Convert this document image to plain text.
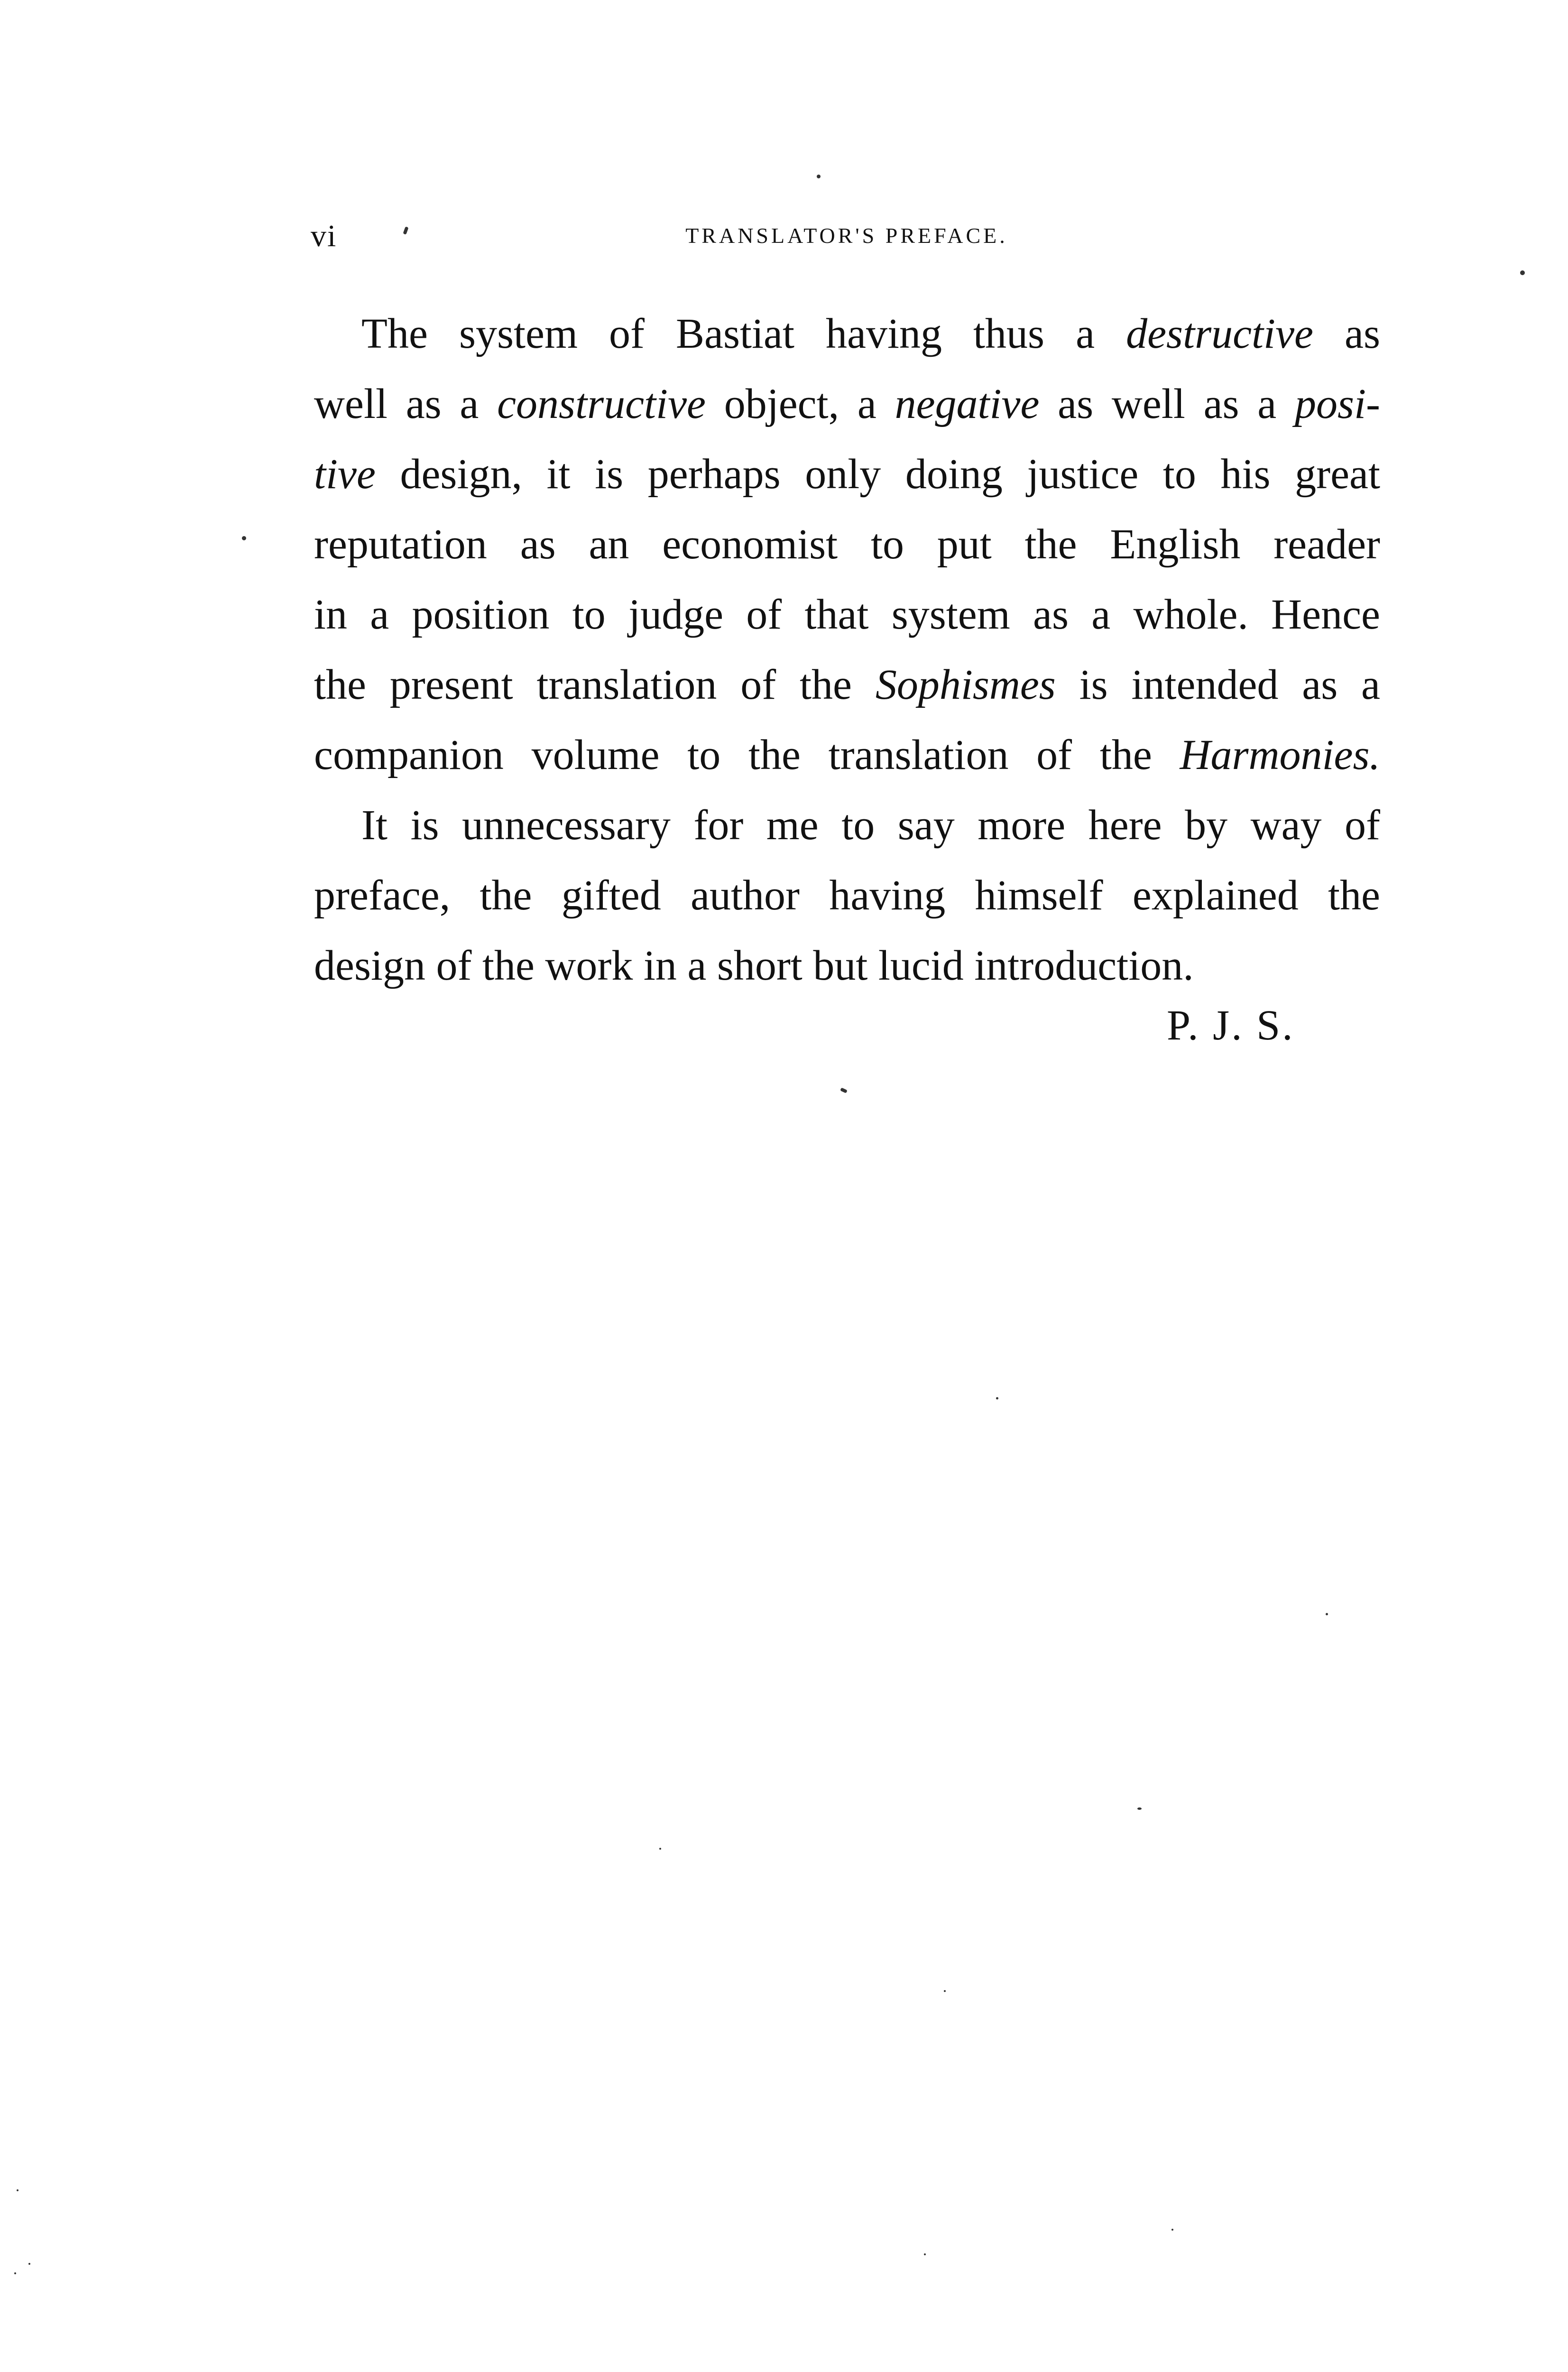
vi	TRANSLATOR'S PREFACE.
The system of Bastiat having thus a destructive as
well as a constructive object, a negative as well as a posi-
tive design, it is perhaps only doing justice to his great
reputation as an economist to put the English reader
in a position to judge of that system as a whole. Hence
the present translation of the Sophismes is intended as a
companion volume to the translation of the Harmonies.
It is unnecessary for me to say more here by way of
preface, the gifted author having himself explained the
design of the work in a short but lucid introduction.
P. J. S.
